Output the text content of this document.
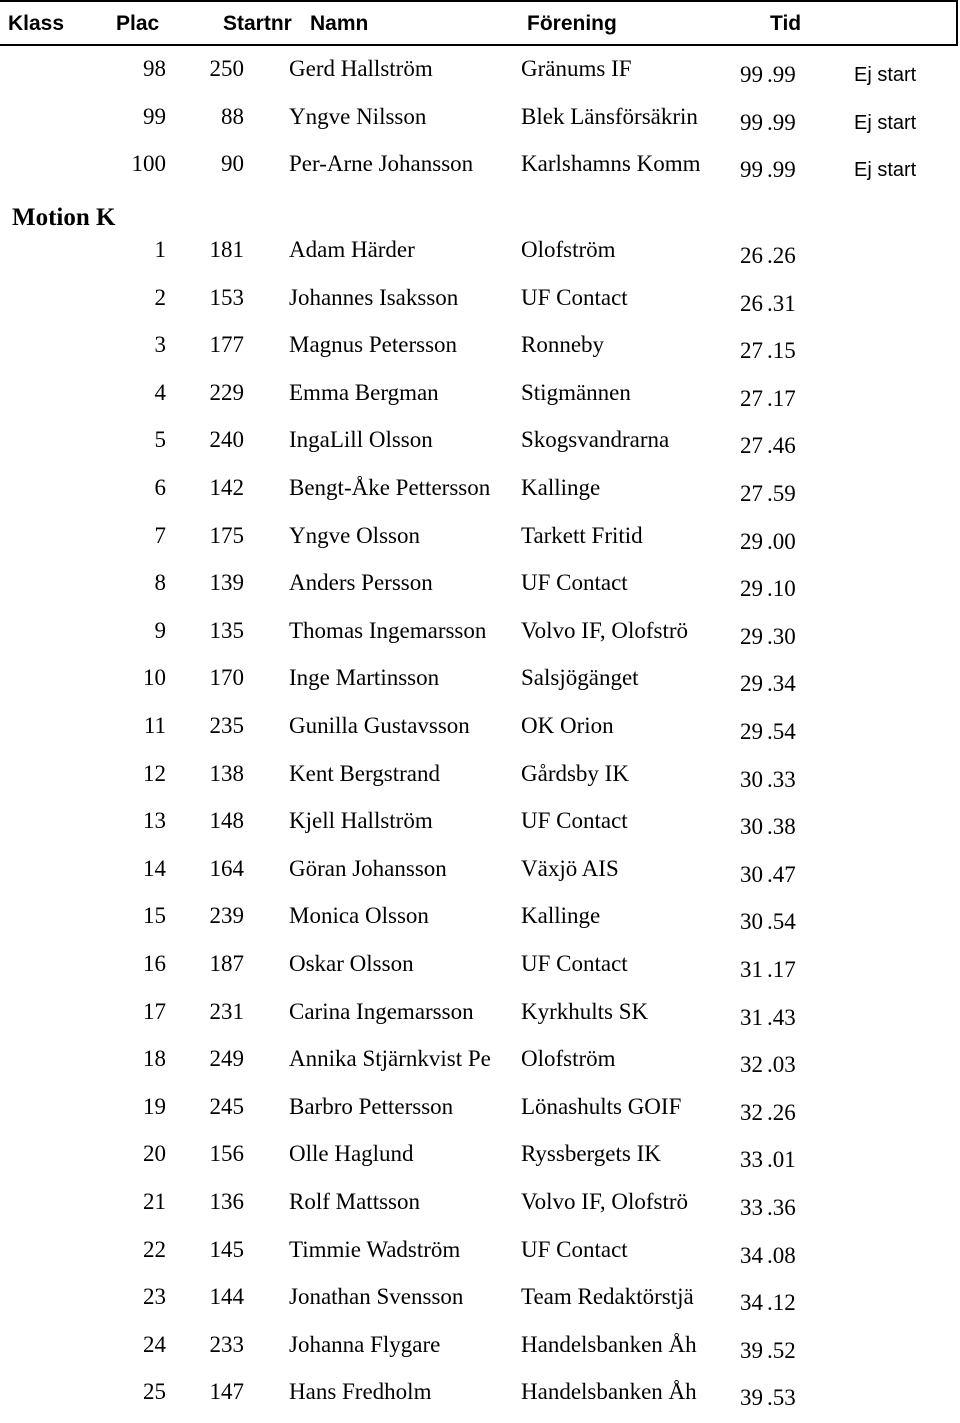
Klass Plac	Startnr Namn	Förening	Tid
98 250 Gerd Hallström	Gränums IF	99 .99	Ej start
99 88 Yngve Nilsson	Blek Länsförsäkrin	99 .99	Ej start
100 90 Per-Arne Johansson	Karlshamns Komm	99 .99	Ej start
Motion K
1 181 Adam Härder	Olofström	26 .26
2 153 Johannes Isaksson	UF Contact	26 .31
3 177 Magnus Petersson	Ronneby	27 .15
4 229 Emma Bergman	Stigmännen	27 .17
5 240 IngaLill Olsson	Skogsvandrarna	27 .46
6 142 Bengt-Åke Pettersson	Kallinge	27 .59
7 175 Yngve Olsson	Tarkett Fritid	29 .00
8 139 Anders Persson	UF Contact	29 .10
9 135 Thomas Ingemarsson	Volvo IF, Olofströ	29 .30
10 170 Inge Martinsson	Salsjögänget	29 .34
11 235 Gunilla Gustavsson	OK Orion	29 .54
12 138 Kent Bergstrand	Gårdsby IK	30 .33
13 148 Kjell Hallström	UF Contact	30 .38
14 164 Göran Johansson	Växjö AIS	30 .47
15 239 Monica Olsson	Kallinge	30 .54
16 187 Oskar Olsson	UF Contact	31 .17
17 231 Carina Ingemarsson	Kyrkhults SK	31 .43
18 249 Annika Stjärnkvist Pe	Olofström	32 .03
19 245 Barbro Pettersson	Lönashults GOIF	32 .26
20 156 Olle Haglund	Ryssbergets IK	33 .01
21 136 Rolf Mattsson	Volvo IF, Olofströ	33 .36
22 145 Timmie Wadström	UF Contact	34 .08
23 144 Jonathan Svensson	Team Redaktörstjä	34 .12
24 233 Johanna Flygare	Handelsbanken Åh	39 .52
25 147 Hans Fredholm	Handelsbanken Åh	39 .53
